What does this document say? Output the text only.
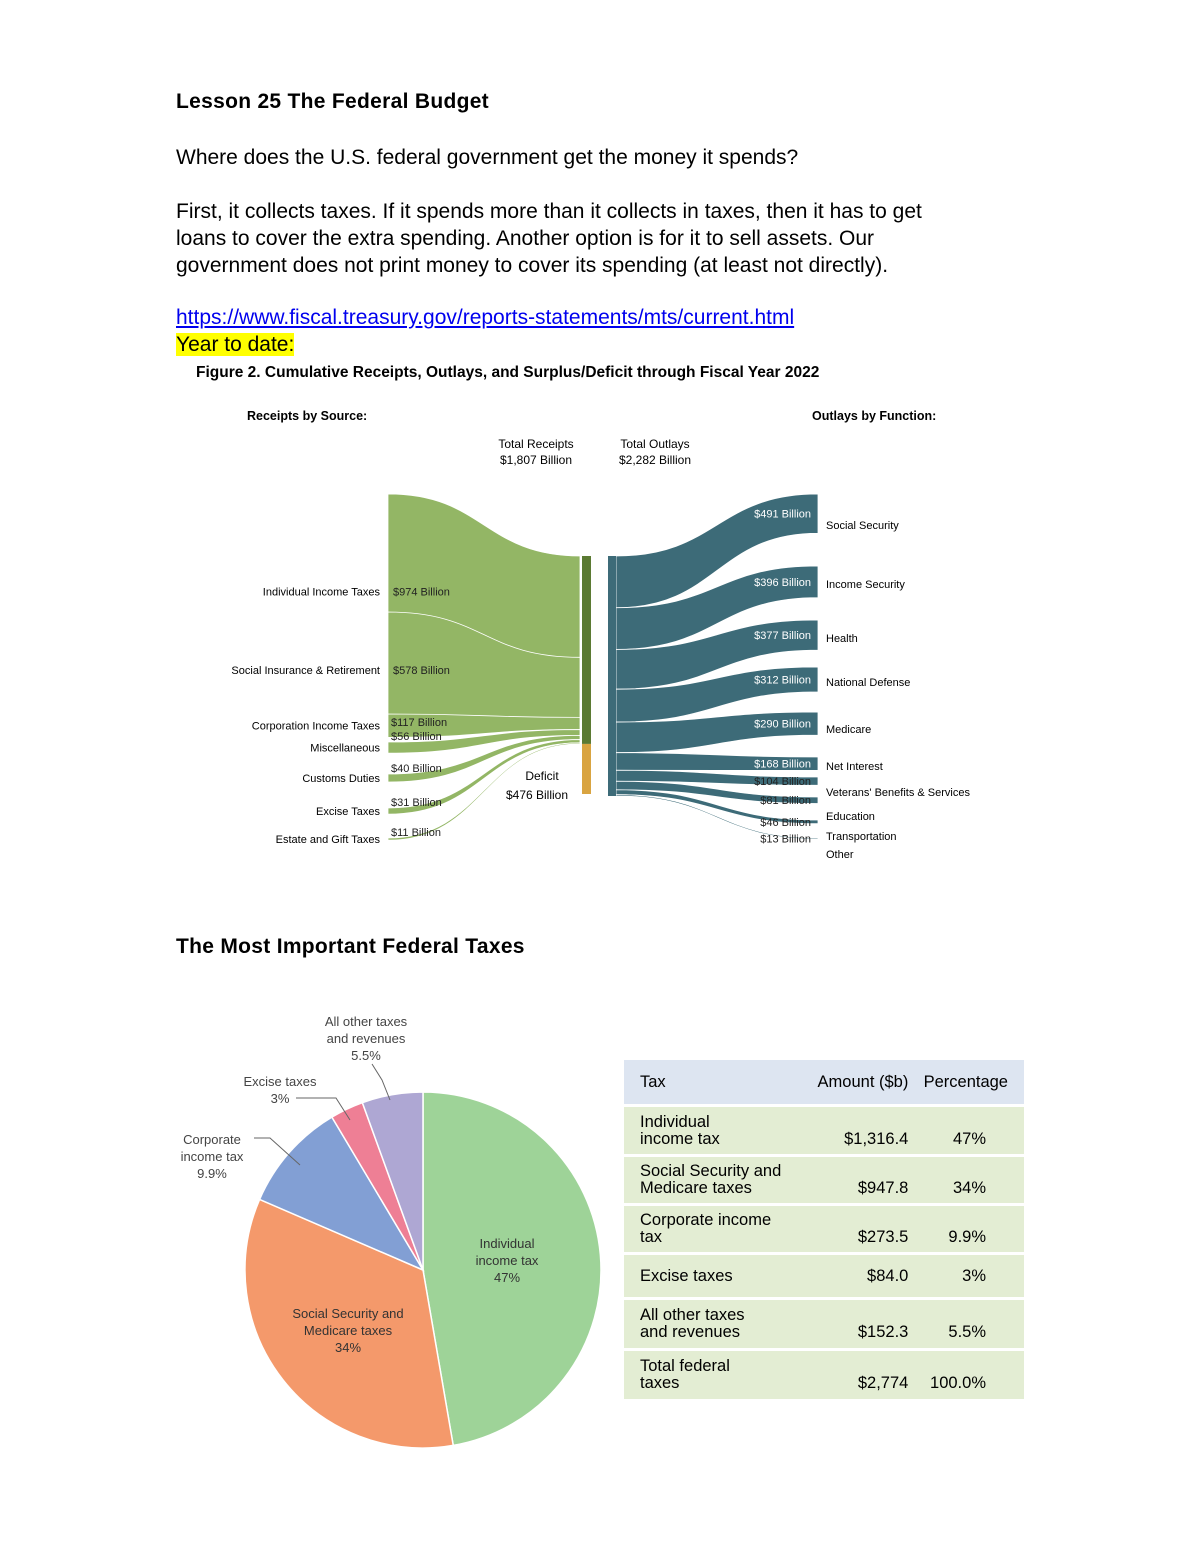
Lesson 25 The Federal Budget
Where does the U.S. federal government get the money it spends?
First, it collects taxes. If it spends more than it collects in taxes, then it has to get
loans to cover the extra spending. Another option is for it to sell assets. Our
government does not print money to cover its spending (at least not directly).
https://www.fiscal.treasury.gov/reports-statements/mts/current.html
Year to date:
Figure 2. Cumulative Receipts, Outlays, and Surplus/Deficit through Fiscal Year 2022
Receipts by Source:	Outlays by Function:
Total Receipts
$1,807 Billion
Total Outlays
$2,282 Billion
Individual Income Taxes $974 Billion
Social Insurance & Retirement $578 Billion
Corporation Income Taxes $117 Billion
Miscellaneous
$56 Billion
Customs Duties
$40 Billion
Excise Taxes
$31 Billion
Estate and Gift Taxes
$11 Billion
$491 Billion
$396 Billion
$377 Billion
$312 Billion
$290 Billion
$168 Billion
$104 Billion
$81 Billion
$46 Billion
$13 Billion
Social Security
Income Security
Health
National Defense
Medicare
Net Interest
Veterans' Benefits & Services
Education
Transportation
Other
Deficit
$476 Billion
The Most Important Federal Taxes
Individual
income tax
47%
Social Security and
Medicare taxes
34%
Corporate
income tax
9.9%
Excise taxes
3%
All other taxes
and revenues
5.5%
Tax	Amount ($b)	Percentage

Individual
income tax	$1,316.4	47%

Social Security and
Medicare taxes	$947.8	34%

Corporate income
tax	$273.5	9.9%

Excise taxes	$84.0	3%

All other taxes
and revenues	$152.3	5.5%

Total federal
taxes	$2,774	100.0%
